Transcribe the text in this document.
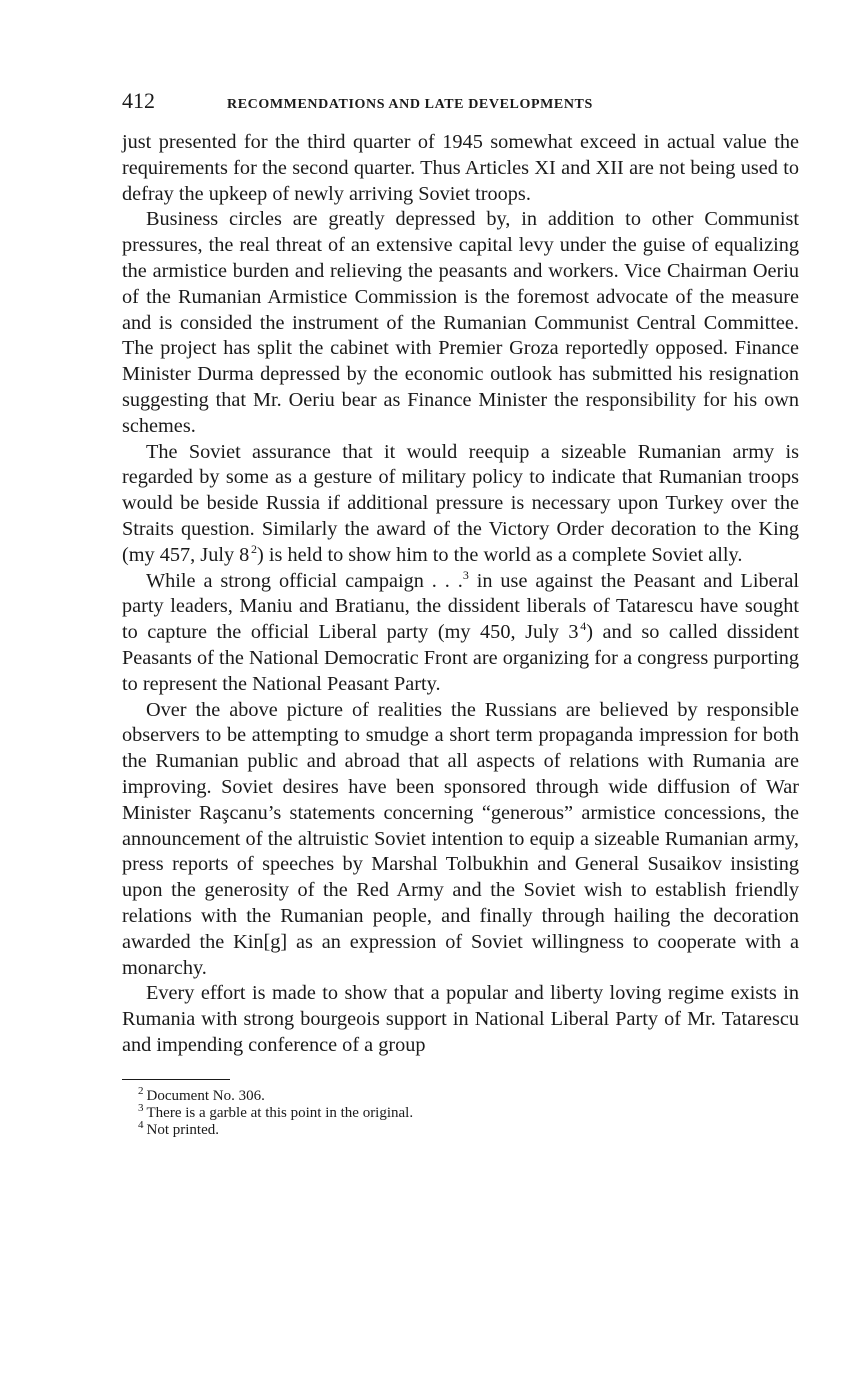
412	RECOMMENDATIONS AND LATE DEVELOPMENTS

just presented for the third quarter of 1945 somewhat exceed in actual value the requirements for the second quarter. Thus Articles XI and XII are not being used to defray the upkeep of newly arriving Soviet troops.

Business circles are greatly depressed by, in addition to other Communist pressures, the real threat of an extensive capital levy under the guise of equalizing the armistice burden and relieving the peasants and workers. Vice Chairman Oeriu of the Rumanian Armistice Commission is the foremost advocate of the measure and is consided the instrument of the Rumanian Communist Central Committee. The project has split the cabinet with Premier Groza reportedly opposed. Finance Minister Durma depressed by the economic outlook has submitted his resignation suggesting that Mr. Oeriu bear as Finance Minister the responsibility for his own schemes.

The Soviet assurance that it would reequip a sizeable Rumanian army is regarded by some as a gesture of military policy to indicate that Rumanian troops would be beside Russia if additional pressure is necessary upon Turkey over the Straits question. Similarly the award of the Victory Order decoration to the King (my 457, July 8  $^2$) is held to show him to the world as a complete Soviet ally.

While a strong official campaign . . .$^3$ in use against the Peasant and Liberal party leaders, Maniu and Bratianu, the dissident liberals of Tatarescu have sought to capture the official Liberal party (my 450, July 3  $^4$) and so called dissident Peasants of the National Democratic Front are organizing for a congress purporting to represent the National Peasant Party.

Over the above picture of realities the Russians are believed by responsible observers to be attempting to smudge a short term propaganda impression for both the Rumanian public and abroad that all aspects of relations with Rumania are improving. Soviet desires have been sponsored through wide diffusion of War Minister Raşcanu’s statements concerning “generous” armistice concessions, the announcement of the altruistic Soviet intention to equip a sizeable Rumanian army, press reports of speeches by Marshal Tolbukhin and General Susaikov insisting upon the generosity of the Red Army and the Soviet wish to establish friendly relations with the Rumanian people, and finally through hailing the decoration awarded the Kin[g] as an expression of Soviet willingness to cooperate with a monarchy.

Every effort is made to show that a popular and liberty loving regime exists in Rumania with strong bourgeois support in National Liberal Party of Mr. Tatarescu and impending conference of a group

$^2$ Document No. 306.
$^3$ There is a garble at this point in the original.
$^4$ Not printed.
